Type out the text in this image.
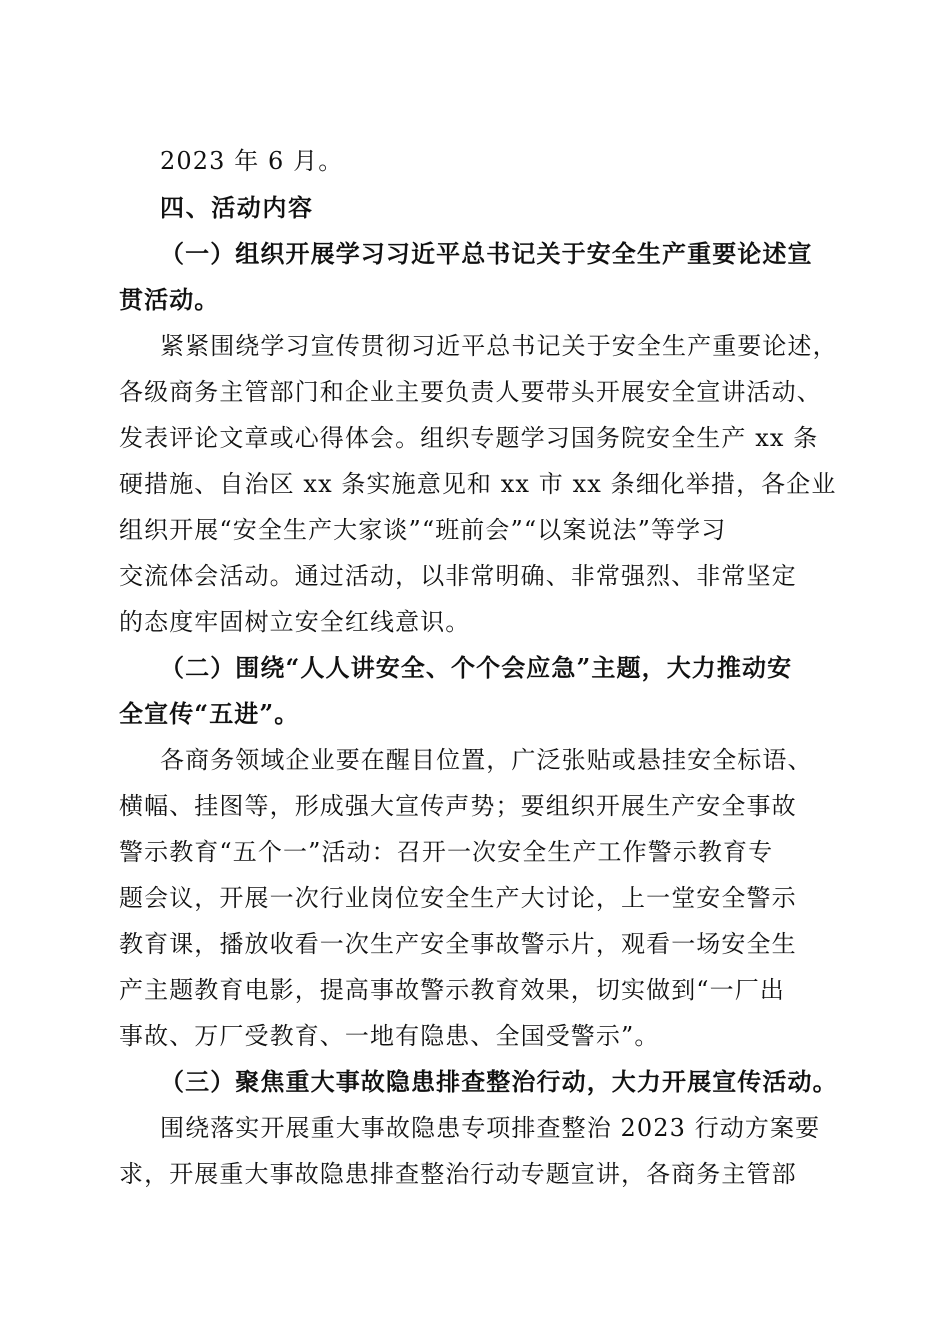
2023 年 6 月。
四、活动内容
（一）组织开展学习习近平总书记关于安全生产重要论述宣
贯活动。
紧紧围绕学习宣传贯彻习近平总书记关于安全生产重要论述，
各级商务主管部门和企业主要负责人要带头开展安全宣讲活动、
发表评论文章或心得体会。组织专题学习国务院安全生产 xx 条
硬措施、自治区 xx 条实施意见和 xx 市 xx 条细化举措，各企业
组织开展“安全生产大家谈”“班前会”“以案说法”等学习
交流体会活动。通过活动，以非常明确、非常强烈、非常坚定
的态度牢固树立安全红线意识。
（二）围绕“人人讲安全、个个会应急”主题，大力推动安
全宣传“五进”。
各商务领域企业要在醒目位置，广泛张贴或悬挂安全标语、
横幅、挂图等，形成强大宣传声势；要组织开展生产安全事故
警示教育“五个一”活动：召开一次安全生产工作警示教育专
题会议，开展一次行业岗位安全生产大讨论，上一堂安全警示
教育课，播放收看一次生产安全事故警示片，观看一场安全生
产主题教育电影，提高事故警示教育效果，切实做到“一厂出
事故、万厂受教育、一地有隐患、全国受警示”。
（三）聚焦重大事故隐患排查整治行动，大力开展宣传活动。
围绕落实开展重大事故隐患专项排查整治 2023 行动方案要
求，开展重大事故隐患排查整治行动专题宣讲，各商务主管部
